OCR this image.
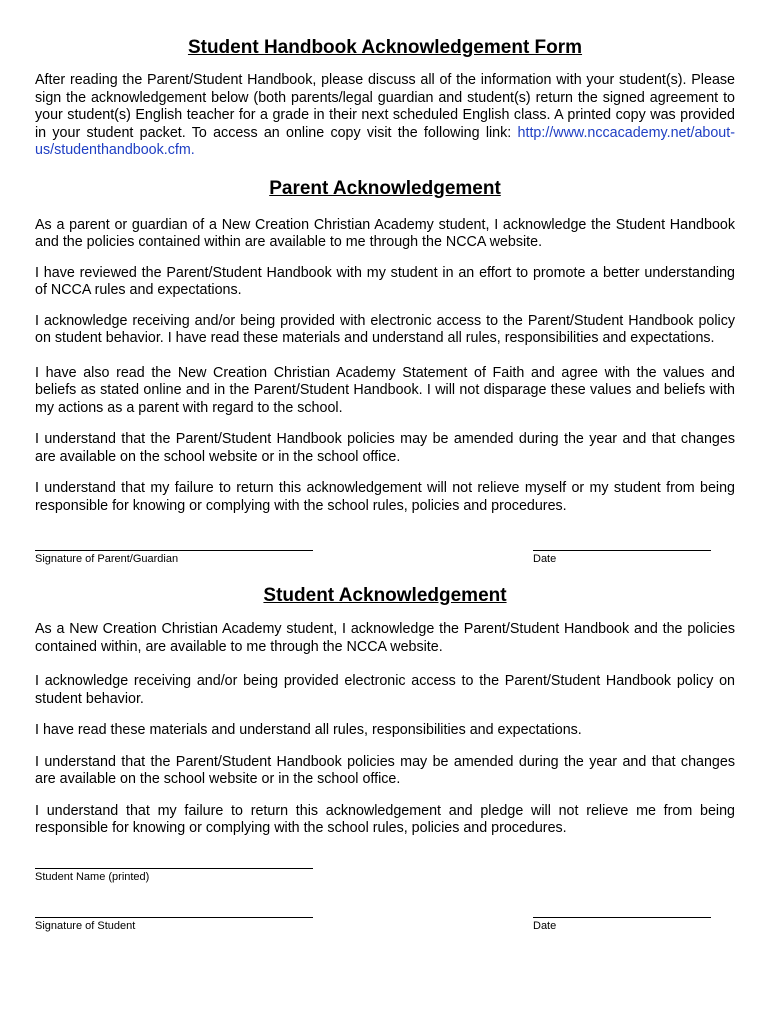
Student Handbook Acknowledgement Form

After reading the Parent/Student Handbook, please discuss all of the information with your student(s). Please sign the acknowledgement below (both parents/legal guardian and student(s) return the signed agreement to your student(s) English teacher for a grade in their next scheduled English class. A printed copy was provided in your student packet. To access an online copy visit the following link: http://www.nccacademy.net/about-us/studenthandbook.cfm.

Parent Acknowledgement

As a parent or guardian of a New Creation Christian Academy student, I acknowledge the Student Handbook and the policies contained within are available to me through the NCCA website.

I have reviewed the Parent/Student Handbook with my student in an effort to promote a better understanding of NCCA rules and expectations.

I acknowledge receiving and/or being provided with electronic access to the Parent/Student Handbook policy on student behavior. I have read these materials and understand all rules, responsibilities and expectations.

I have also read the New Creation Christian Academy Statement of Faith and agree with the values and beliefs as stated online and in the Parent/Student Handbook. I will not disparage these values and beliefs with my actions as a parent with regard to the school.

I understand that the Parent/Student Handbook policies may be amended during the year and that changes are available on the school website or in the school office.

I understand that my failure to return this acknowledgement will not relieve myself or my student from being responsible for knowing or complying with the school rules, policies and procedures.

Signature of Parent/Guardian	Date
Student Acknowledgement

As a New Creation Christian Academy student, I acknowledge the Parent/Student Handbook and the policies contained within, are available to me through the NCCA website.

I acknowledge receiving and/or being provided electronic access to the Parent/Student Handbook policy on student behavior.

I have read these materials and understand all rules, responsibilities and expectations.

I understand that the Parent/Student Handbook policies may be amended during the year and that changes are available on the school website or in the school office.

I understand that my failure to return this acknowledgement and pledge will not relieve me from being responsible for knowing or complying with the school rules, policies and procedures.

Student Name (printed)
Signature of Student	Date
